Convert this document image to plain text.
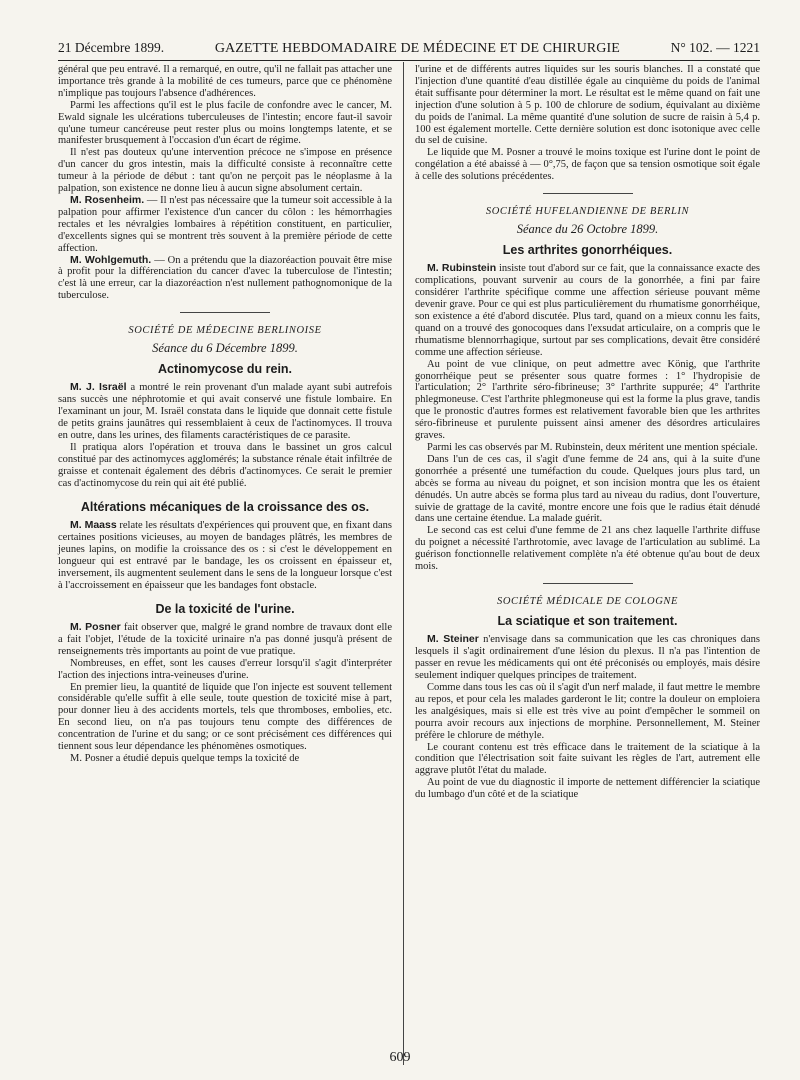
21 Décembre 1899.	GAZETTE HEBDOMADAIRE DE MÉDECINE ET DE CHIRURGIE	N° 102. — 1221

général que peu entravé. Il a remarqué, en outre, qu'il ne fallait pas attacher une importance très grande à la mobilité de ces tumeurs, parce que ce phénomène n'implique pas toujours l'absence d'adhérences.

Parmi les affections qu'il est le plus facile de confondre avec le cancer, M. Ewald signale les ulcérations tuberculeuses de l'intestin; encore faut-il savoir qu'une tumeur cancéreuse peut rester plus ou moins longtemps latente, et se manifester brusquement à l'occasion d'un écart de régime.

Il n'est pas douteux qu'une intervention précoce ne s'impose en présence d'un cancer du gros intestin, mais la difficulté consiste à reconnaître cette tumeur à la période de début : tant qu'on ne perçoit pas le néoplasme à la palpation, son existence ne donne lieu à aucun signe absolument certain.

M. Rosenheim. — Il n'est pas nécessaire que la tumeur soit accessible à la palpation pour affirmer l'existence d'un cancer du côlon : les hémorrhagies rectales et les névralgies lombaires à répétition constituent, en particulier, d'excellents signes qui se montrent très souvent à la première période de cette affection.

M. Wohlgemuth. — On a prétendu que la diazoréaction pouvait être mise à profit pour la différenciation du cancer d'avec la tuberculose de l'intestin; c'est là une erreur, car la diazoréaction n'est nullement pathognomonique de la tuberculose.

SOCIÉTÉ DE MÉDECINE BERLINOISE
Séance du 6 Décembre 1899.
Actinomycose du rein.

M. J. Israël a montré le rein provenant d'un malade ayant subi autrefois sans succès une néphrotomie et qui avait conservé une fistule lombaire. En l'examinant un jour, M. Israël constata dans le liquide que donnait cette fistule de petits grains jaunâtres qui ressemblaient à ceux de l'actinomyces. Il trouva en outre, dans les urines, des filaments caractéristiques de ce parasite.

Il pratiqua alors l'opération et trouva dans le bassinet un gros calcul constitué par des actinomyces agglomérés; la substance rénale était infiltrée de graisse et contenait également des débris d'actinomyces. Ce serait le premier cas d'actinomycose du rein qui ait été publié.

Altérations mécaniques de la croissance des os.

M. Maass relate les résultats d'expériences qui prouvent que, en fixant dans certaines positions vicieuses, au moyen de bandages plâtrés, les membres de jeunes lapins, on modifie la croissance des os : si c'est le développement en longueur qui est entravé par le bandage, les os croissent en épaisseur et, inversement, ils augmentent seulement dans le sens de la longueur lorsque c'est à l'accroissement en épaisseur que les bandages font obstacle.

De la toxicité de l'urine.

M. Posner fait observer que, malgré le grand nombre de travaux dont elle a fait l'objet, l'étude de la toxicité urinaire n'a pas donné jusqu'à présent de renseignements très importants au point de vue pratique.

Nombreuses, en effet, sont les causes d'erreur lorsqu'il s'agit d'interpréter l'action des injections intra-veineuses d'urine.

En premier lieu, la quantité de liquide que l'on injecte est souvent tellement considérable qu'elle suffit à elle seule, toute question de toxicité mise à part, pour donner lieu à des accidents mortels, tels que thromboses, embolies, etc. En second lieu, on n'a pas toujours tenu compte des différences de concentration de l'urine et du sang; or ce sont précisément ces différences qui tiennent sous leur dépendance les phénomènes osmotiques.

M. Posner a étudié depuis quelque temps la toxicité de

l'urine et de différents autres liquides sur les souris blanches. Il a constaté que l'injection d'une quantité d'eau distillée égale au cinquième du poids de l'animal était suffisante pour déterminer la mort. Le résultat est le même quand on fait une injection d'une solution à 5 p. 100 de chlorure de sodium, équivalant au dixième du poids de l'animal. La même quantité d'une solution de sucre de raisin à 5,4 p. 100 est également mortelle. Cette dernière solution est donc isotonique avec celle du sel de cuisine.

Le liquide que M. Posner a trouvé le moins toxique est l'urine dont le point de congélation a été abaissé à — 0°,75, de façon que sa tension osmotique soit égale à celle des solutions précédentes.

SOCIÉTÉ HUFELANDIENNE DE BERLIN
Séance du 26 Octobre 1899.
Les arthrites gonorrhéiques.

M. Rubinstein insiste tout d'abord sur ce fait, que la connaissance exacte des complications, pouvant survenir au cours de la gonorrhée, a fini par faire considérer l'arthrite spécifique comme une affection sérieuse pouvant même devenir grave. Pour ce qui est plus particulièrement du rhumatisme gonorrhéique, son existence a été d'abord discutée. Plus tard, quand on a mieux connu les faits, quand on a trouvé des gonocoques dans l'exsudat articulaire, on a compris que le rhumatisme blennorrhagique, surtout par ses complications, devait être considéré comme une affection sérieuse.

Au point de vue clinique, on peut admettre avec König, que l'arthrite gonorrhéique peut se présenter sous quatre formes : 1° l'hydropisie de l'articulation; 2° l'arthrite séro-fibrineuse; 3° l'arthrite suppurée; 4° l'arthrite phlegmoneuse. C'est l'arthrite phlegmoneuse qui est la forme la plus grave, tandis que le pronostic d'autres formes est relativement favorable bien que les arthrites séro-fibrineuse et purulente puissent ainsi amener des désordres articulaires graves.

Parmi les cas observés par M. Rubinstein, deux méritent une mention spéciale.

Dans l'un de ces cas, il s'agit d'une femme de 24 ans, qui à la suite d'une gonorrhée a présenté une tuméfaction du coude. Quelques jours plus tard, un abcès se forma au niveau du poignet, et son incision montra que les os étaient dénudés. Un autre abcès se forma plus tard au niveau du radius, dont l'ouverture, suivie de grattage de la cavité, montre encore une fois que le radius était dénudé dans une certaine étendue. La malade guérit.

Le second cas est celui d'une femme de 21 ans chez laquelle l'arthrite diffuse du poignet a nécessité l'arthrotomie, avec lavage de l'articulation au sublimé. La guérison fonctionnelle relativement complète n'a été obtenue qu'au bout de deux mois.

SOCIÉTÉ MÉDICALE DE COLOGNE
La sciatique et son traitement.

M. Steiner n'envisage dans sa communication que les cas chroniques dans lesquels il s'agit ordinairement d'une lésion du plexus. Il n'a pas l'intention de passer en revue les médicaments qui ont été préconisés ou employés, mais désire seulement indiquer quelques principes de traitement.

Comme dans tous les cas où il s'agit d'un nerf malade, il faut mettre le membre au repos, et pour cela les malades garderont le lit; contre la douleur on emploiera les analgésiques, mais si elle est très vive au point d'empêcher le sommeil on pourra avoir recours aux injections de morphine. Personnellement, M. Steiner préfère le chlorure de méthyle.

Le courant contenu est très efficace dans le traitement de la sciatique à la condition que l'électrisation soit faite suivant les règles de l'art, autrement elle aggrave plutôt l'état du malade.

Au point de vue du diagnostic il importe de nettement différencier la sciatique du lumbago d'un côté et de la sciatique

609
